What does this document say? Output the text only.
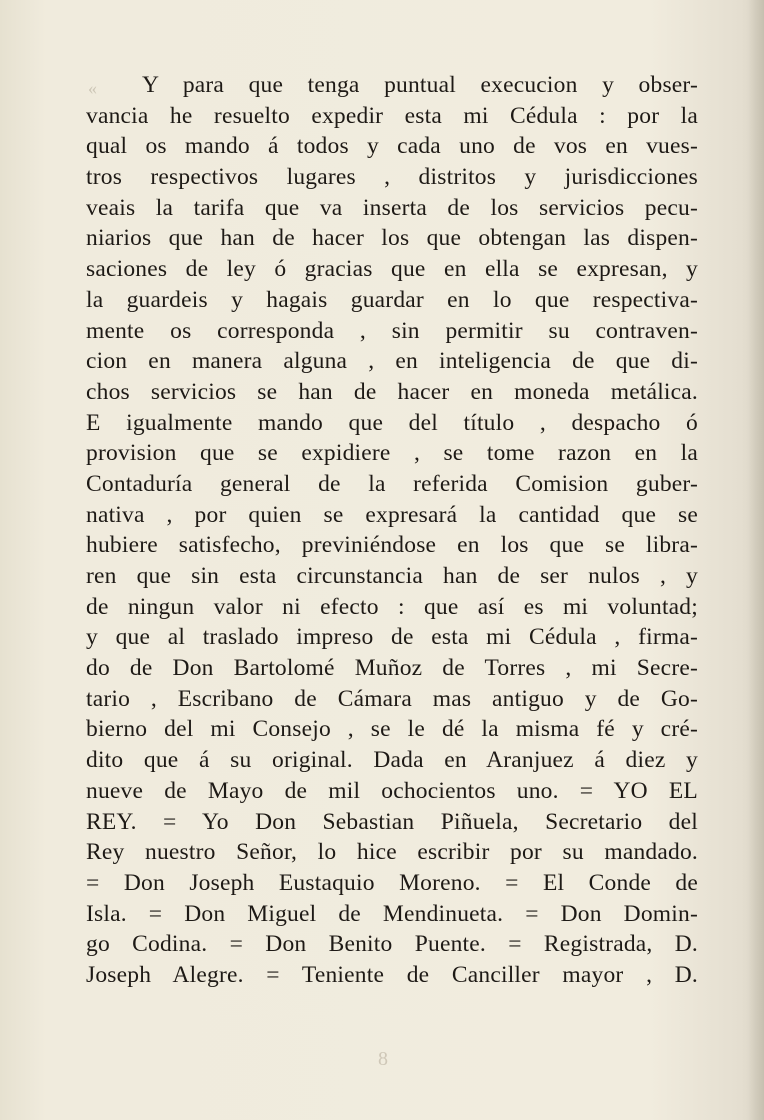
«	Y para que tenga puntual execucion y obser-
vancia he resuelto expedir esta mi Cédula : por la
qual os mando á todos y cada uno de vos en vues-
tros respectivos lugares , distritos y jurisdicciones
veais la tarifa que va inserta de los servicios pecu-
niarios que han de hacer los que obtengan las dispen-
saciones de ley ó gracias que en ella se expresan, y
la guardeis y hagais guardar en lo que respectiva-
mente os corresponda , sin permitir su contraven-
cion en manera alguna , en inteligencia de que di-
chos servicios se han de hacer en moneda metálica.
E igualmente mando que del título , despacho ó
provision que se expidiere , se tome razon en la
Contaduría general de la referida Comision guber-
nativa , por quien se expresará la cantidad que se
hubiere satisfecho, previniéndose en los que se libra-
ren que sin esta circunstancia han de ser nulos , y
de ningun valor ni efecto : que así es mi voluntad;
y que al traslado impreso de esta mi Cédula , firma-
do de Don Bartolomé Muñoz de Torres , mi Secre-
tario , Escribano de Cámara mas antiguo y de Go-
bierno del mi Consejo , se le dé la misma fé y cré-
dito que á su original. Dada en Aranjuez á diez y
nueve de Mayo de mil ochocientos uno. = YO EL
REY. = Yo Don Sebastian Piñuela, Secretario del
Rey nuestro Señor, lo hice escribir por su mandado.
= Don Joseph Eustaquio Moreno. = El Conde de
Isla. = Don Miguel de Mendinueta. = Don Domin-
go Codina. = Don Benito Puente. = Registrada, D.
Joseph Alegre. = Teniente de Canciller mayor , D.
8
